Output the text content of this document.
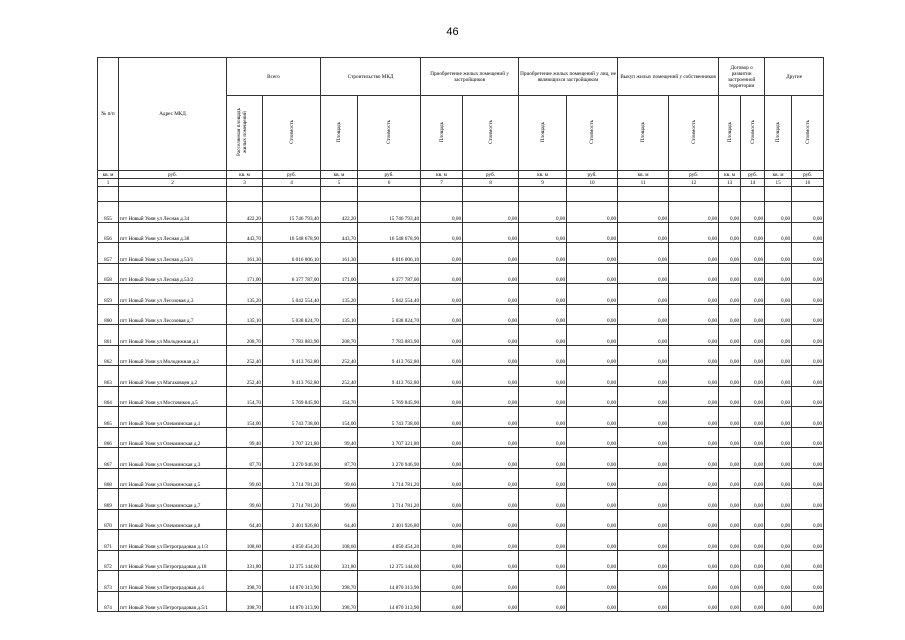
46
№ п/п	Адрес МКД	Всего		Строительство МКД		Приобретение жилых помещений у застройщиков		Приобретение жилых помещений у лиц, не являющихся застройщиком		Выкуп жилых помещений у собственников		Договор о развитии застроенной территории		Другие	
		Расселяемая площадь жилых помещений	Стоимость	Площадь	Стоимость	Площадь	Стоимость	Площадь	Стоимость	Площадь	Стоимость	Площадь	Стоимость	Площадь	Стоимость
кв. м	руб.	кв. м	руб.	кв. м	руб.	кв. м	руб.	кв. м	руб.	кв. м	руб.	кв. м	руб.	кв. м	руб.
1	2	3	4	5	6	7	8	9	10	11	12	13	14	15	16

855	пгт Новый Уоян ул Лесная д.34	422,20	15 746 793,40	422,20	15 746 793,40	0,00	0,00	0,00	0,00	0,00	0,00	0,00	0,00	0,00	0,00
856	пгт Новый Уоян ул Лесная д.38	443,70	16 548 678,90	443,70	16 548 678,90	0,00	0,00	0,00	0,00	0,00	0,00	0,00	0,00	0,00	0,00
857	пгт Новый Уоян ул Лесная д.53/1	161,30	6 016 006,10	161,30	6 016 006,10	0,00	0,00	0,00	0,00	0,00	0,00	0,00	0,00	0,00	0,00
858	пгт Новый Уоян ул Лесная д.53/2	171,00	6 377 787,00	171,00	6 377 787,00	0,00	0,00	0,00	0,00	0,00	0,00	0,00	0,00	0,00	0,00
859	пгт Новый Уоян ул Лесозовая д.3	135,20	5 042 554,40	135,20	5 042 554,40	0,00	0,00	0,00	0,00	0,00	0,00	0,00	0,00	0,00	0,00
860	пгт Новый Уоян ул Лесозовая д.7	135,10	5 038 824,70	135,10	5 038 824,70	0,00	0,00	0,00	0,00	0,00	0,00	0,00	0,00	0,00	0,00
861	пгт Новый Уоян ул Молодежная д.1	208,70	7 783 883,90	208,70	7 783 883,90	0,00	0,00	0,00	0,00	0,00	0,00	0,00	0,00	0,00	0,00
862	пгт Новый Уоян ул Молодежная д.2	252,40	9 413 762,80	252,40	9 413 762,80	0,00	0,00	0,00	0,00	0,00	0,00	0,00	0,00	0,00	0,00
863	пгт Новый Уоян ул Магаковцев д.2	252,40	9 413 762,80	252,40	9 413 762,80	0,00	0,00	0,00	0,00	0,00	0,00	0,00	0,00	0,00	0,00
864	пгт Новый Уоян ул Мостовиков д.5	154,70	5 769 845,90	154,70	5 769 845,90	0,00	0,00	0,00	0,00	0,00	0,00	0,00	0,00	0,00	0,00
865	пгт Новый Уоян ул Олекминская д.1	154,00	5 743 738,00	154,00	5 743 738,00	0,00	0,00	0,00	0,00	0,00	0,00	0,00	0,00	0,00	0,00
866	пгт Новый Уоян ул Олекминская д.2	99,40	3 707 321,80	99,40	3 707 321,80	0,00	0,00	0,00	0,00	0,00	0,00	0,00	0,00	0,00	0,00
867	пгт Новый Уоян ул Олекминская д.3	87,70	3 270 946,90	87,70	3 270 946,90	0,00	0,00	0,00	0,00	0,00	0,00	0,00	0,00	0,00	0,00
868	пгт Новый Уоян ул Олекминская д.5	99,60	3 714 781,20	99,60	3 714 781,20	0,00	0,00	0,00	0,00	0,00	0,00	0,00	0,00	0,00	0,00
869	пгт Новый Уоян ул Олекминская д.7	99,60	3 714 781,20	99,60	3 714 781,20	0,00	0,00	0,00	0,00	0,00	0,00	0,00	0,00	0,00	0,00
870	пгт Новый Уоян ул Олекминская д.8	64,40	2 401 926,80	64,40	2 401 926,80	0,00	0,00	0,00	0,00	0,00	0,00	0,00	0,00	0,00	0,00
871	пгт Новый Уоян ул Петроградовая д.1/3	108,60	4 050 454,20	108,60	4 050 454,20	0,00	0,00	0,00	0,00	0,00	0,00	0,00	0,00	0,00	0,00
872	пгт Новый Уоян ул Петроградовая д.18	331,80	12 375 144,60	331,80	12 375 144,60	0,00	0,00	0,00	0,00	0,00	0,00	0,00	0,00	0,00	0,00
873	пгт Новый Уоян ул Петроградовая д.4	398,70	14 870 313,90	398,70	14 870 313,90	0,00	0,00	0,00	0,00	0,00	0,00	0,00	0,00	0,00	0,00
874	пгт Новый Уоян ул Петроградовая д.5/1	398,70	14 870 313,90	398,70	14 870 313,90	0,00	0,00	0,00	0,00	0,00	0,00	0,00	0,00	0,00	0,00
